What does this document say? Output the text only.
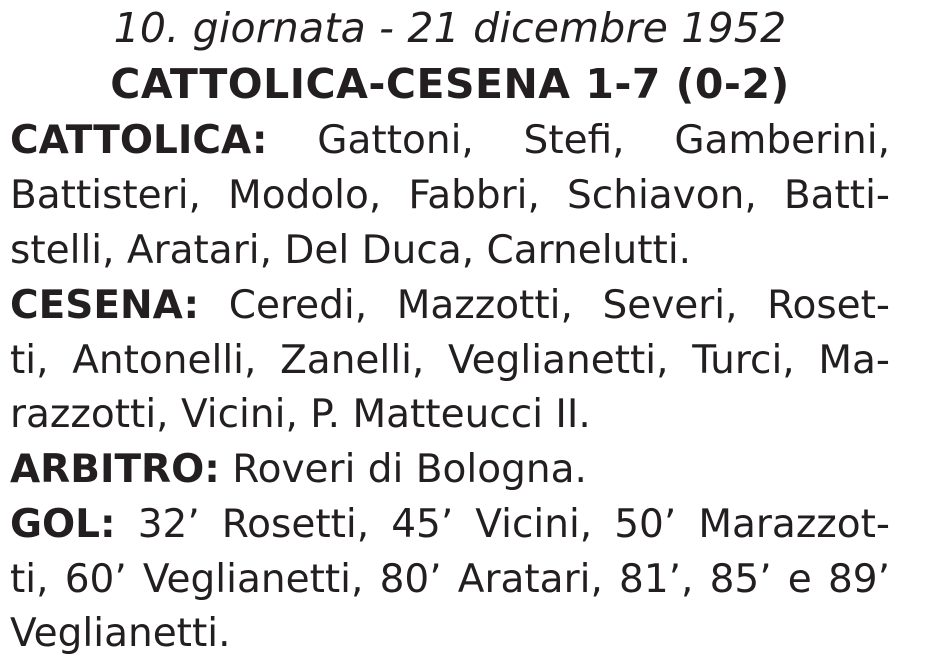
10. giornata - 21 dicembre 1952
CATTOLICA-CESENA 1-7 (0-2)
CATTOLICA: Gattoni, Stefi, Gamberini,
Battisteri, Modolo, Fabbri, Schiavon, Batti-
stelli, Aratari, Del Duca, Carnelutti.
CESENA: Ceredi, Mazzotti, Severi, Roset-
ti, Antonelli, Zanelli, Veglianetti, Turci, Ma-
razzotti, Vicini, P. Matteucci II.
ARBITRO: Roveri di Bologna.
GOL: 32’ Rosetti, 45’ Vicini, 50’ Marazzot-
ti, 60’ Veglianetti, 80’ Aratari, 81’, 85’ e 89’
Veglianetti.
